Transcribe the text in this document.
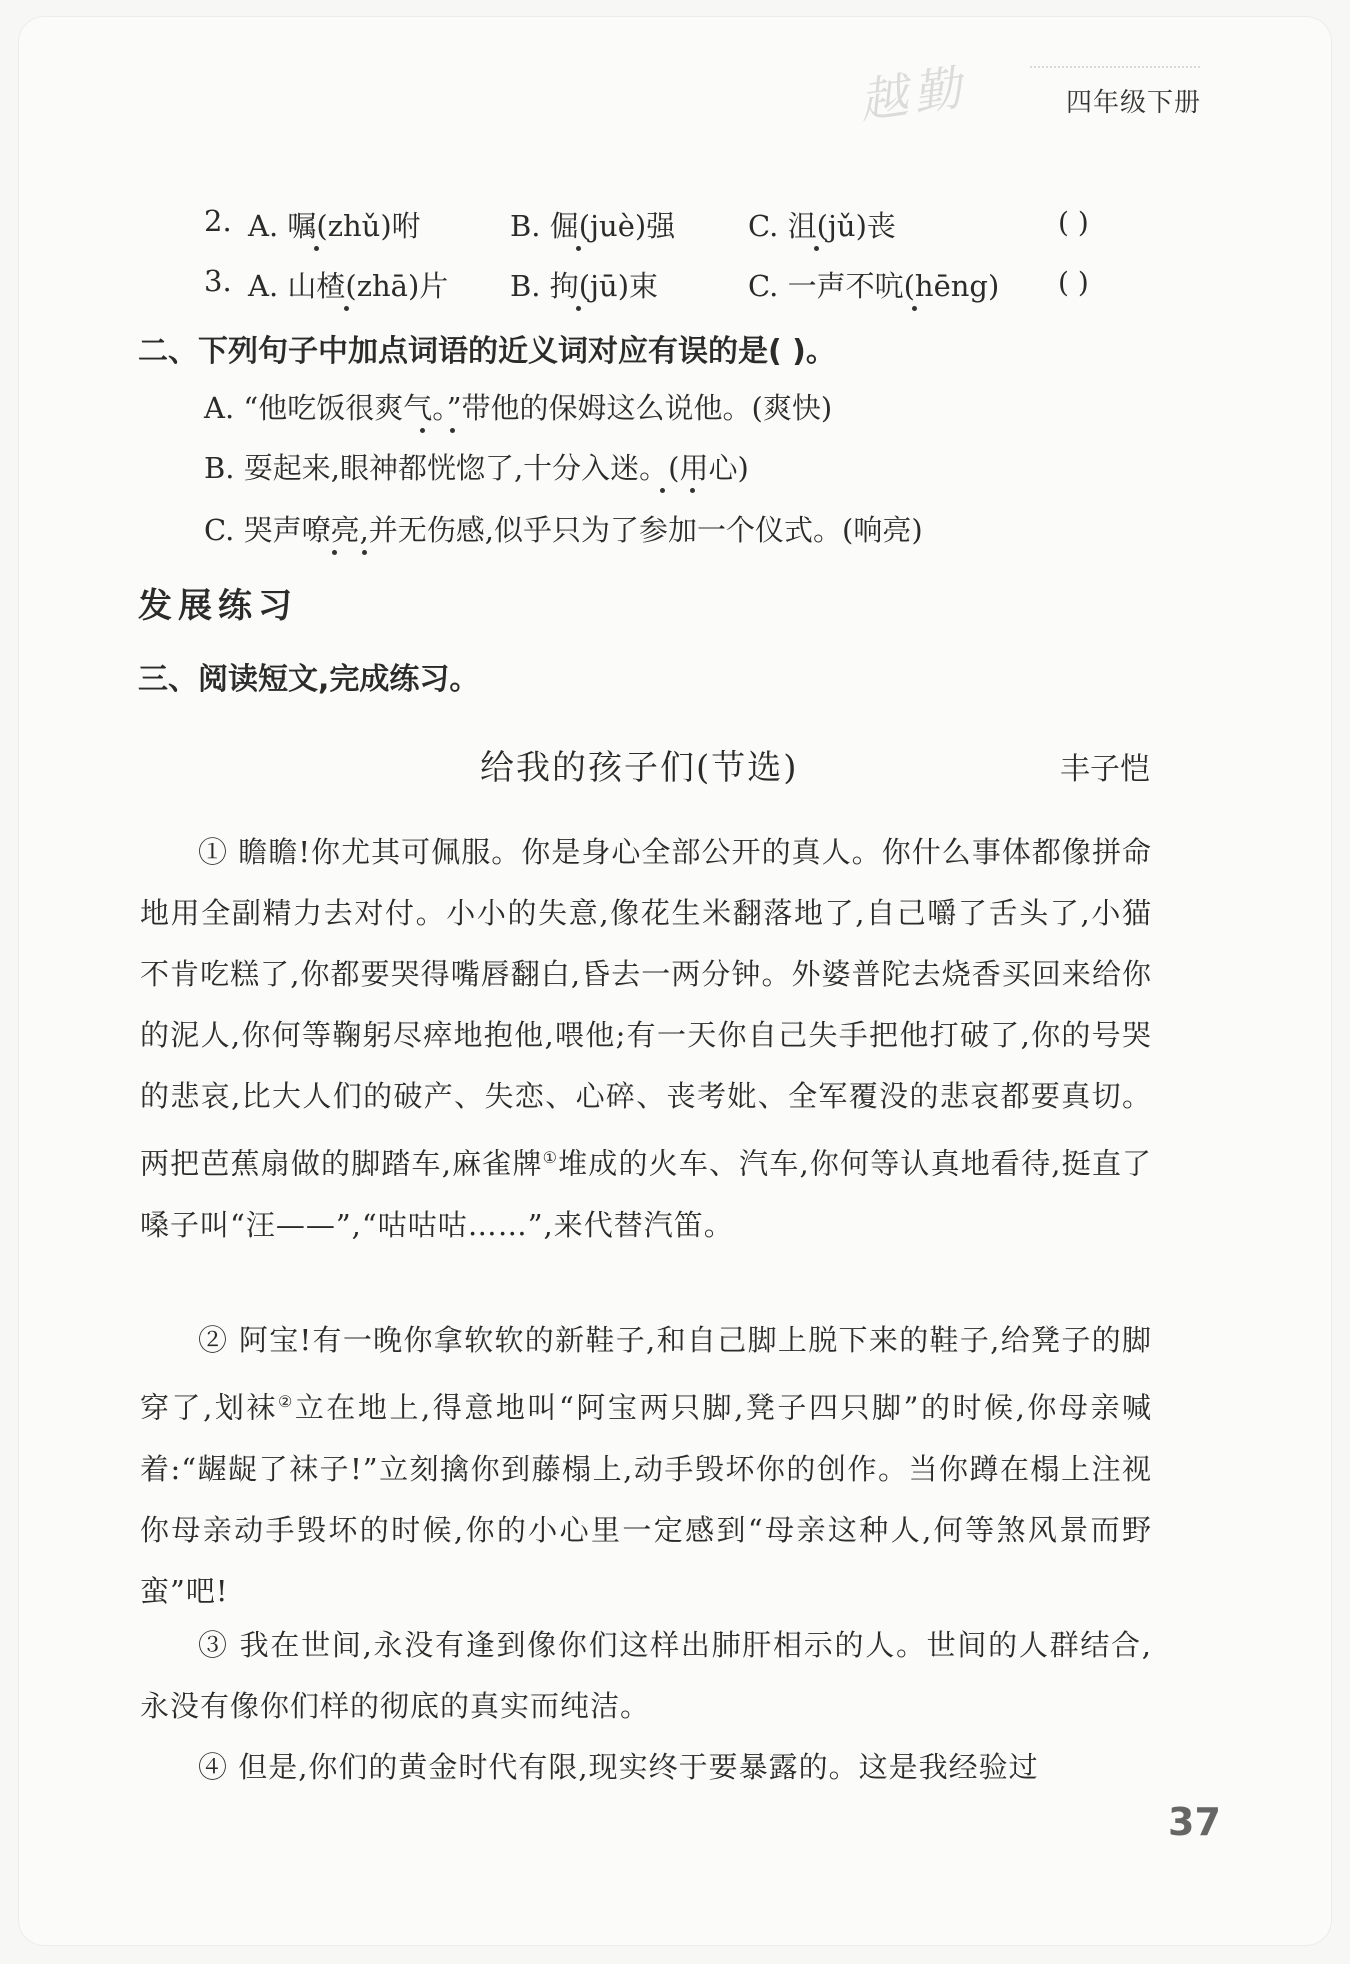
越勤	四年级下册
2. A. 嘱(zhǔ)咐	B. 倔(juè)强	C. 沮(jǔ)丧	( )
3. A. 山楂(zhā)片 B. 拘(jū)束	C. 一声不吭(hēng) ( )
二、下列句子中加点词语的近义词对应有误的是( )。
A. “他吃饭很爽气。”带他的保姆这么说他。(爽快)
B. 耍起来,眼神都恍惚了,十分入迷。(用心)
C. 哭声嘹亮,并无伤感,似乎只为了参加一个仪式。(响亮)
发展练习
三、阅读短文,完成练习。
给我的孩子们(节选)	丰子恺
① 瞻瞻!你尤其可佩服。你是身心全部公开的真人。你什么事体都像拼命地用全副精力去对付。小小的失意,像花生米翻落地了,自己嚼了舌头了,小猫不肯吃糕了,你都要哭得嘴唇翻白,昏去一两分钟。外婆普陀去烧香买回来给你的泥人,你何等鞠躬尽瘁地抱他,喂他;有一天你自己失手把他打破了,你的号哭的悲哀,比大人们的破产、失恋、心碎、丧考妣、全军覆没的悲哀都要真切。两把芭蕉扇做的脚踏车,麻雀牌①堆成的火车、汽车,你何等认真地看待,挺直了嗓子叫“汪——”,“咕咕咕……”,来代替汽笛。
② 阿宝!有一晚你拿软软的新鞋子,和自己脚上脱下来的鞋子,给凳子的脚穿了,划袜②立在地上,得意地叫“阿宝两只脚,凳子四只脚”的时候,你母亲喊着:“龌龊了袜子!”立刻擒你到藤榻上,动手毁坏你的创作。当你蹲在榻上注视你母亲动手毁坏的时候,你的小心里一定感到“母亲这种人,何等煞风景而野蛮”吧!
③ 我在世间,永没有逢到像你们这样出肺肝相示的人。世间的人群结合,永没有像你们样的彻底的真实而纯洁。
④ 但是,你们的黄金时代有限,现实终于要暴露的。这是我经验过
37
